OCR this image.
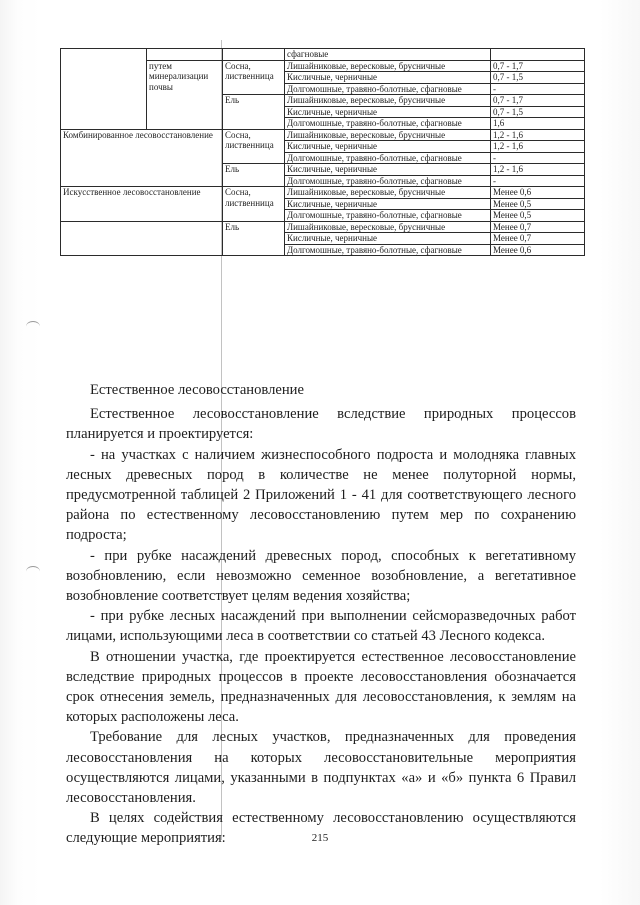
			сфагновые	
	путем минерализации почвы	Сосна, лиственница	Лишайниковые, вересковые, брусничные	0,7 - 1,7
			Кисличные, черничные	0,7 - 1,5
			Долгомошные, травяно-болотные, сфагновые	-
		Ель	Лишайниковые, вересковые, брусничные	0,7 - 1,7
			Кисличные, черничные	0,7 - 1,5
			Долгомошные, травяно-болотные, сфагновые	1,6
Комбинированное лесовосстановление		Сосна, лиственница	Лишайниковые, вересковые, брусничные	1,2 - 1,6
			Кисличные, черничные	1,2 - 1,6
			Долгомошные, травяно-болотные, сфагновые	-
		Ель	Кисличные, черничные	1,2 - 1,6
			Долгомошные, травяно-болотные, сфагновые	-
Искусственное лесовосстановление		Сосна, лиственница	Лишайниковые, вересковые, брусничные	Менее 0,6
			Кисличные, черничные	Менее 0,5
			Долгомошные, травяно-болотные, сфагновые	Менее 0,5
		Ель	Лишайниковые, вересковые, брусничные	Менее 0,7
			Кисличные, черничные	Менее 0,7
			Долгомошные, травяно-болотные, сфагновые	Менее 0,6

Естественное лесовосстановление

Естественное лесовосстановление вследствие природных процессов планируется и проектируется:

- на участках с наличием жизнеспособного подроста и молодняка главных лесных древесных пород в количестве не менее полуторной нормы, предусмотренной таблицей 2 Приложений 1 - 41 для соответствующего лесного района по естественному лесовосстановлению путем мер по сохранению подроста;

- при рубке насаждений древесных пород, способных к вегетативному возобновлению, если невозможно семенное возобновление, а вегетативное возобновление соответствует целям ведения хозяйства;

- при рубке лесных насаждений при выполнении сейсморазведочных работ лицами, использующими леса в соответствии со статьей 43 Лесного кодекса.

В отношении участка, где проектируется естественное лесовосстановление вследствие природных процессов в проекте лесовосстановления обозначается срок отнесения земель, предназначенных для лесовосстановления, к землям на которых расположены леса.

Требование для лесных участков, предназначенных для проведения лесовосстановления на которых лесовосстановительные мероприятия осуществляются лицами, указанными в подпунктах «а» и «б» пункта 6 Правил лесовосстановления.

В целях содействия естественному лесовосстановлению осуществляются следующие мероприятия:	215
